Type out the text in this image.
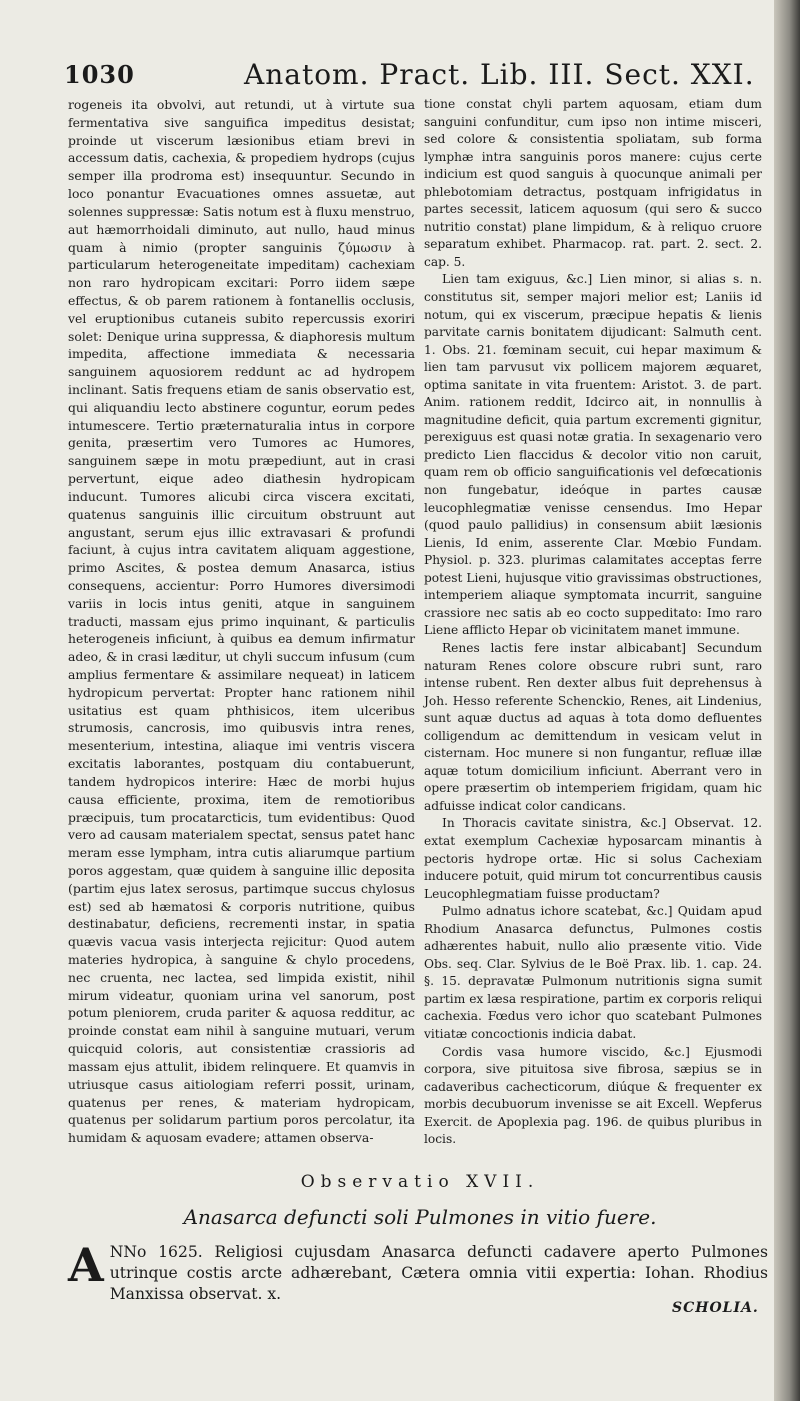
1030	Anatom. Pract. Lib. III. Sect. XXI.

rogeneis ita obvolvi, aut retundi, ut à virtute sua fermentativa sive sanguifica impeditus desistat; proinde ut viscerum læsionibus etiam brevi in accessum datis, cachexia, & propediem hydrops (cujus semper illa prodroma est) insequuntur. Secundo in loco ponantur Evacuationes omnes assuetæ, aut solennes suppressæ: Satis notum est à fluxu menstruo, aut hæmorrhoidali diminuto, aut nullo, haud minus quam à nimio (propter sanguinis ζύμωσιν à particularum heterogeneitate impeditam) cachexiam non raro hydropicam excitari: Porro iidem sæpe effectus, & ob parem rationem à fontanellis occlusis, vel eruptionibus cutaneis subito repercussis exoriri solet: Denique urina suppressa, & diaphoresis multum impedita, affectione immediata & necessaria sanguinem aquosiorem reddunt ac ad hydropem inclinant. Satis frequens etiam de sanis observatio est, qui aliquandiu lecto abstinere coguntur, eorum pedes intumescere. Tertio præternaturalia intus in corpore genita, præsertim vero Tumores ac Humores, sanguinem sæpe in motu præpediunt, aut in crasi pervertunt, eique adeo diathesin hydropicam inducunt. Tumores alicubi circa viscera excitati, quatenus sanguinis illic circuitum obstruunt aut angustant, serum ejus illic extravasari & profundi faciunt, à cujus intra cavitatem aliquam aggestione, primo Ascites, & postea demum Anasarca, istius consequens, accientur: Porro Humores diversimodi variis in locis intus geniti, atque in sanguinem traducti, massam ejus primo inquinant, & particulis heterogeneis inficiunt, à quibus ea demum infirmatur adeo, & in crasi læditur, ut chyli succum infusum (cum amplius fermentare & assimilare nequeat) in laticem hydropicum pervertat: Propter hanc rationem nihil usitatius est quam phthisicos, item ulceribus strumosis, cancrosis, imo quibusvis intra renes, mesenterium, intestina, aliaque imi ventris viscera excitatis laborantes, postquam diu contabuerunt, tandem hydropicos interire: Hæc de morbi hujus causa efficiente, proxima, item de remotioribus præcipuis, tum procatarcticis, tum evidentibus: Quod vero ad causam materialem spectat, sensus patet hanc meram esse lympham, intra cutis aliarumque partium poros aggestam, quæ quidem à sanguine illic deposita (partim ejus latex serosus, partimque succus chylosus est) sed ab hæmatosi & corporis nutritione, quibus destinabatur, deficiens, recrementi instar, in spatia quævis vacua vasis interjecta rejicitur: Quod autem materies hydropica, à sanguine & chylo procedens, nec cruenta, nec lactea, sed limpida existit, nihil mirum videatur, quoniam urina vel sanorum, post potum pleniorem, cruda pariter & aquosa redditur, ac proinde constat eam nihil à sanguine mutuari, verum quicquid coloris, aut consistentiæ crassioris ad massam ejus attulit, ibidem relinquere. Et quamvis in utriusque casus aitiologiam referri possit, urinam, quatenus per renes, & materiam hydropicam, quatenus per solidarum partium poros percolatur, ita humidam & aquosam evadere; attamen observa-

tione constat chyli partem aquosam, etiam dum sanguini confunditur, cum ipso non intime misceri, sed colore & consistentia spoliatam, sub forma lymphæ intra sanguinis poros manere: cujus certe indicium est quod sanguis à quocunque animali per phlebotomiam detractus, postquam infrigidatus in partes secessit, laticem aquosum (qui sero & succo nutritio constat) plane limpidum, & à reliquo cruore separatum exhibet. Pharmacop. rat. part. 2. sect. 2. cap. 5.

Lien tam exiguus, &c.] Lien minor, si alias s. n. constitutus sit, semper majori melior est; Laniis id notum, qui ex viscerum, præcipue hepatis & lienis parvitate carnis bonitatem dijudicant: Salmuth cent. 1. Obs. 21. fœminam secuit, cui hepar maximum & lien tam parvusut vix pollicem majorem æquaret, optima sanitate in vita fruentem: Aristot. 3. de part. Anim. rationem reddit, Idcirco ait, in nonnullis à magnitudine deficit, quia partum excrementi gignitur, perexiguus est quasi notæ gratia. In sexagenario vero predicto Lien flaccidus & decolor vitio non caruit, quam rem ob officio sanguificationis vel defœcationis non fungebatur, ideóque in partes causæ leucophlegmatiæ venisse censendus. Imo Hepar (quod paulo pallidius) in consensum abiit læsionis Lienis, Id enim, asserente Clar. Mœbio Fundam. Physiol. p. 323. plurimas calamitates acceptas ferre potest Lieni, hujusque vitio gravissimas obstructiones, intemperiem aliaque symptomata incurrit, sanguine crassiore nec satis ab eo cocto suppeditato: Imo raro Liene afflicto Hepar ob vicinitatem manet immune.

Renes lactis fere instar albicabant] Secundum naturam Renes colore obscure rubri sunt, raro intense rubent. Ren dexter albus fuit deprehensus à Joh. Hesso referente Schenckio, Renes, ait Lindenius, sunt aquæ ductus ad aquas à tota domo defluentes colligendum ac demittendum in vesicam velut in cisternam. Hoc munere si non fungantur, refluæ illæ aquæ totum domicilium inficiunt. Aberrant vero in opere præsertim ob intemperiem frigidam, quam hic adfuisse indicat color candicans.

In Thoracis cavitate sinistra, &c.] Observat. 12. extat exemplum Cachexiæ hyposarcam minantis à pectoris hydrope ortæ. Hic si solus Cachexiam inducere potuit, quid mirum tot concurrentibus causis Leucophlegmatiam fuisse productam?

Pulmo adnatus ichore scatebat, &c.] Quidam apud Rhodium Anasarca defunctus, Pulmones costis adhærentes habuit, nullo alio præsente vitio. Vide Obs. seq. Clar. Sylvius de le Boë Prax. lib. 1. cap. 24. §. 15. depravatæ Pulmonum nutritionis signa sumit partim ex læsa respiratione, partim ex corporis reliqui cachexia. Fœdus vero ichor quo scatebant Pulmones vitiatæ concoctionis indicia dabat.

Cordis vasa humore viscido, &c.] Ejusmodi corpora, sive pituitosa sive fibrosa, sæpius se in cadaveribus cachecticorum, diúque & frequenter ex morbis decubuorum invenisse se ait Excell. Wepferus Exercit. de Apoplexia pag. 196. de quibus pluribus in locis.

Observatio XVII.
Anasarca defuncti soli Pulmones in vitio fuere.
A NNo 1625. Religiosi cujusdam Anasarca defuncti cadavere aperto Pulmones utrinque costis arcte adhærebant, Cætera omnia vitii expertia: Iohan. Rhodius Manxissa observat. x.
SCHOLIA.
